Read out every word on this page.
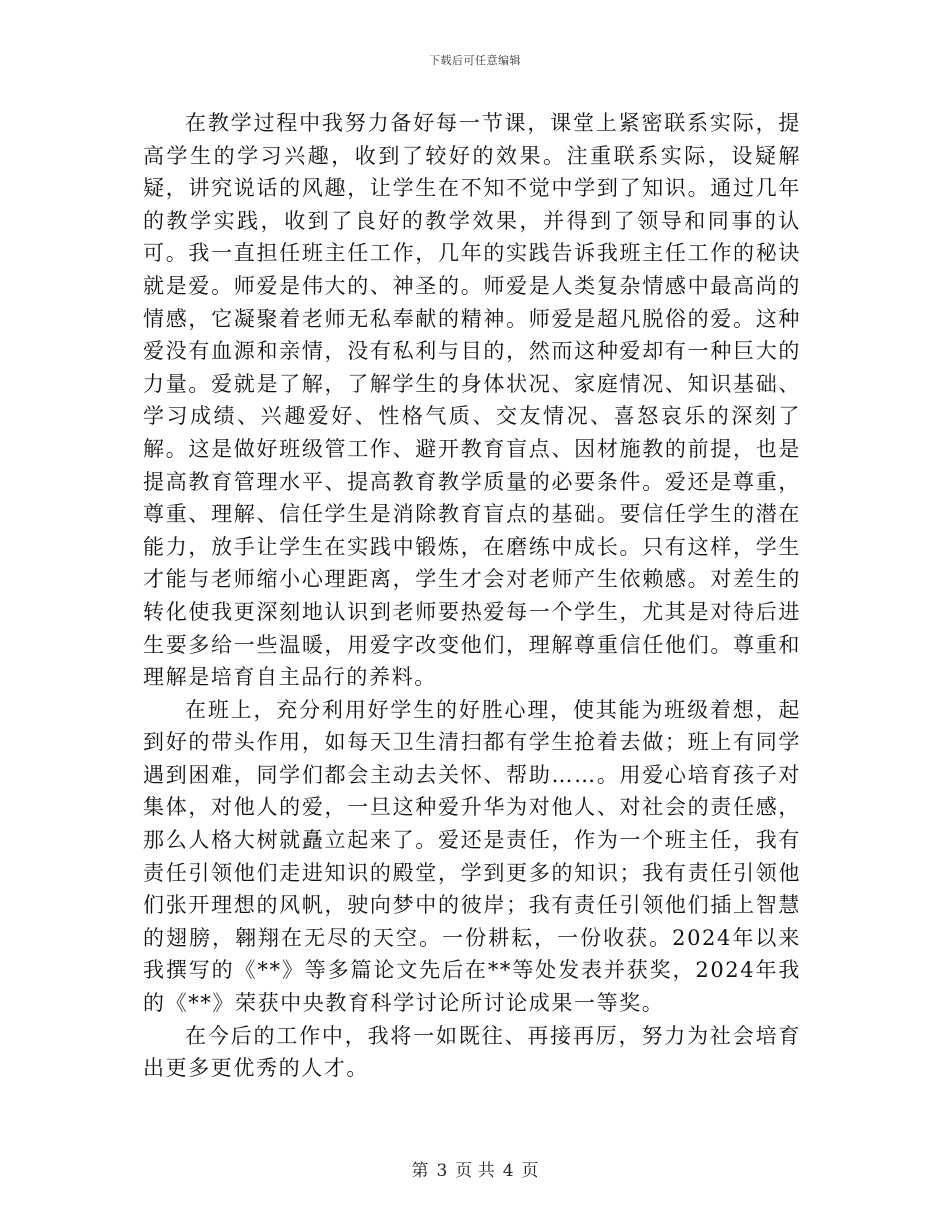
下载后可任意编辑

在教学过程中我努力备好每一节课，课堂上紧密联系实际，提高学生的学习兴趣，收到了较好的效果。注重联系实际，设疑解疑，讲究说话的风趣，让学生在不知不觉中学到了知识。通过几年的教学实践，收到了良好的教学效果，并得到了领导和同事的认可。我一直担任班主任工作，几年的实践告诉我班主任工作的秘诀就是爱。师爱是伟大的、神圣的。师爱是人类复杂情感中最高尚的情感，它凝聚着老师无私奉献的精神。师爱是超凡脱俗的爱。这种爱没有血源和亲情，没有私利与目的，然而这种爱却有一种巨大的力量。爱就是了解，了解学生的身体状况、家庭情况、知识基础、学习成绩、兴趣爱好、性格气质、交友情况、喜怒哀乐的深刻了解。这是做好班级管工作、避开教育盲点、因材施教的前提，也是提高教育管理水平、提高教育教学质量的必要条件。爱还是尊重，尊重、理解、信任学生是消除教育盲点的基础。要信任学生的潜在能力，放手让学生在实践中锻炼，在磨练中成长。只有这样，学生才能与老师缩小心理距离，学生才会对老师产生依赖感。对差生的转化使我更深刻地认识到老师要热爱每一个学生，尤其是对待后进生要多给一些温暖，用爱字改变他们，理解尊重信任他们。尊重和理解是培育自主品行的养料。

在班上，充分利用好学生的好胜心理，使其能为班级着想，起到好的带头作用，如每天卫生清扫都有学生抢着去做；班上有同学遇到困难，同学们都会主动去关怀、帮助……。用爱心培育孩子对集体，对他人的爱，一旦这种爱升华为对他人、对社会的责任感，那么人格大树就矗立起来了。爱还是责任，作为一个班主任，我有责任引领他们走进知识的殿堂，学到更多的知识；我有责任引领他们张开理想的风帆，驶向梦中的彼岸；我有责任引领他们插上智慧的翅膀，翱翔在无尽的天空。一份耕耘，一份收获。2024年以来我撰写的《**》等多篇论文先后在**等处发表并获奖，2024年我的《**》荣获中央教育科学讨论所讨论成果一等奖。

在今后的工作中，我将一如既往、再接再厉，努力为社会培育出更多更优秀的人才。

第 3 页 共 4 页
